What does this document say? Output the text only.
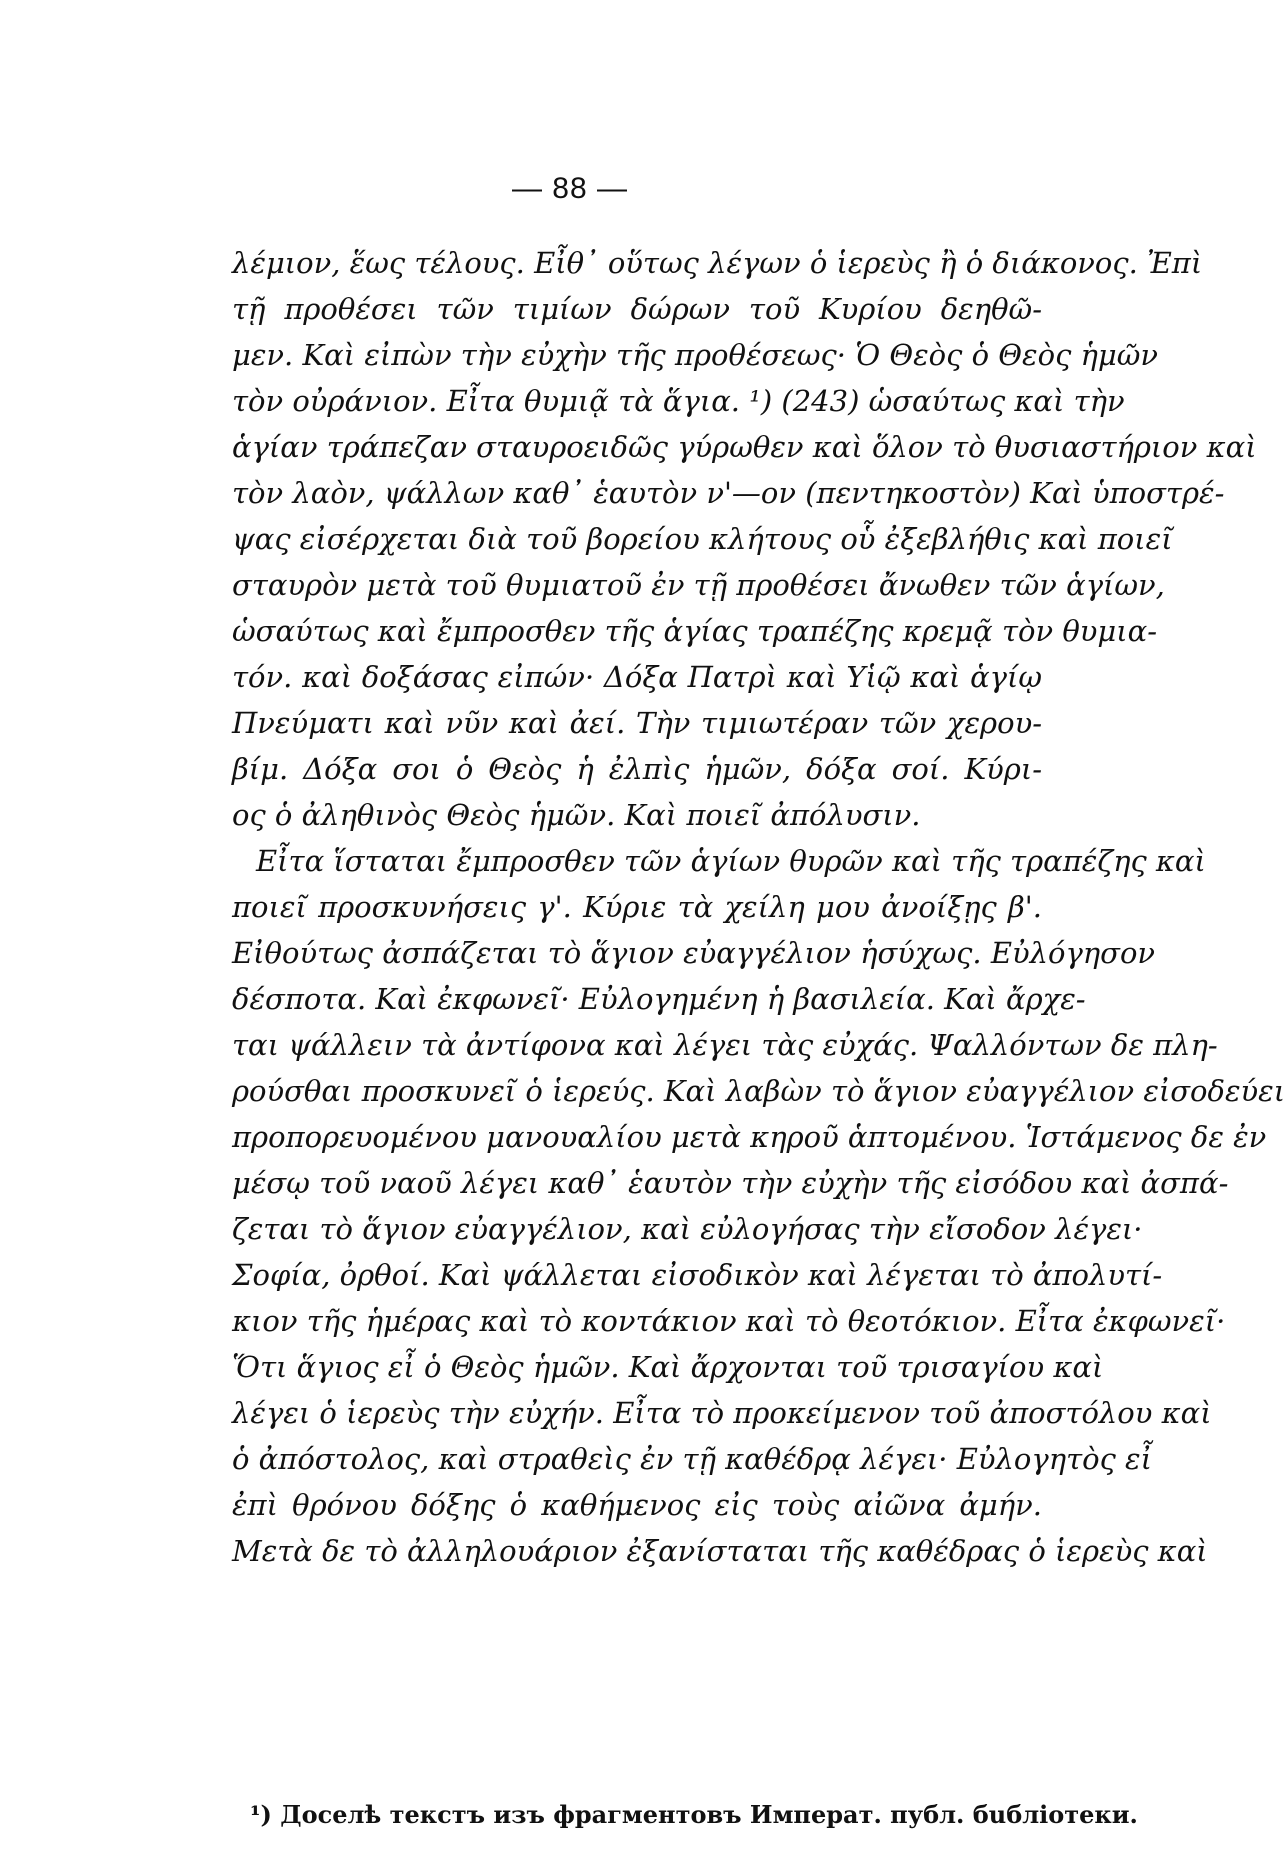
— 88 —
λέμιον, ἕως τέλους. Εἶθ᾽ οὕτως λέγων ὁ ἱερεὺς ἢ ὁ διάκονος. Ἐπὶ
τῇ προθέσει τῶν τιμίων δώρων τοῦ Κυρίου δεηθῶ-
μεν. Καὶ εἰπὼν τὴν εὐχὴν τῆς προθέσεως· Ὁ Θεὸς ὁ Θεὸς ἡμῶν
τὸν οὐράνιον. Εἶτα θυμιᾷ τὰ ἅγια. ¹) (243) ὡσαύτως καὶ τὴν
ἁγίαν τράπεζαν σταυροειδῶς γύρωθεν καὶ ὅλον τὸ θυσιαστήριον καὶ
τὸν λαὸν, ψάλλων καθ᾽ ἑαυτὸν ν'—ον (πεντηκοστὸν) Καὶ ὑποστρέ-
ψας εἰσέρχεται διὰ τοῦ βορείου κλήτους οὗ ἐξεβλήθις καὶ ποιεῖ
σταυρὸν μετὰ τοῦ θυμιατοῦ ἐν τῇ προθέσει ἄνωθεν τῶν ἁγίων,
ὡσαύτως καὶ ἔμπροσθεν τῆς ἁγίας τραπέζης κρεμᾷ τὸν θυμια-
τόν. καὶ δοξάσας εἰπών· Δόξα Πατρὶ καὶ Υἱῷ καὶ ἁγίῳ
Πνεύματι καὶ νῦν καὶ ἀεί. Τὴν τιμιωτέραν τῶν χερου-
βίμ. Δόξα σοι ὁ Θεὸς ἡ ἐλπὶς ἡμῶν, δόξα σοί. Κύρι-
ος ὁ ἀληθινὸς Θεὸς ἡμῶν. Καὶ ποιεῖ ἀπόλυσιν.
Εἶτα ἵσταται ἔμπροσθεν τῶν ἁγίων θυρῶν καὶ τῆς τραπέζης καὶ
ποιεῖ προσκυνήσεις γ'. Κύριε τὰ χείλη μου ἀνοίξῃς β'.
Εἰθούτως ἀσπάζεται τὸ ἅγιον εὐαγγέλιον ἡσύχως. Εὐλόγησον
δέσποτα. Καὶ ἐκφωνεῖ· Εὐλογημένη ἡ βασιλεία. Καὶ ἄρχε-
ται ψάλλειν τὰ ἀντίφονα καὶ λέγει τὰς εὐχάς. Ψαλλόντων δε πλη-
ρούσθαι προσκυνεῖ ὁ ἱερεύς. Καὶ λαβὼν τὸ ἅγιον εὐαγγέλιον εἰσοδεύει
προπορευομένου μανουαλίου μετὰ κηροῦ ἁπτομένου. Ἱστάμενος δε ἐν
μέσῳ τοῦ ναοῦ λέγει καθ᾽ ἑαυτὸν τὴν εὐχὴν τῆς εἰσόδου καὶ ἀσπά-
ζεται τὸ ἅγιον εὐαγγέλιον, καὶ εὐλογήσας τὴν εἴσοδον λέγει·
Σοφία, ὀρθοί. Καὶ ψάλλεται εἰσοδικὸν καὶ λέγεται τὸ ἀπολυτί-
κιον τῆς ἡμέρας καὶ τὸ κοντάκιον καὶ τὸ θεοτόκιον. Εἶτα ἐκφωνεῖ·
Ὅτι ἅγιος εἶ ὁ Θεὸς ἡμῶν. Καὶ ἄρχονται τοῦ τρισαγίου καὶ
λέγει ὁ ἱερεὺς τὴν εὐχήν. Εἶτα τὸ προκείμενον τοῦ ἀποστόλου καὶ
ὁ ἀπόστολος, καὶ στραθεὶς ἐν τῇ καθέδρᾳ λέγει· Εὐλογητὸς εἶ
ἐπὶ θρόνου δόξης ὁ καθήμενος εἰς τοὺς αἰῶνα ἀμήν.
Μετὰ δε τὸ ἀλληλουάριον ἐξανίσταται τῆς καθέδρας ὁ ἱερεὺς καὶ
¹) Доселѣ текстъ изъ фрагментовъ Императ. публ. бuбліотеки.
